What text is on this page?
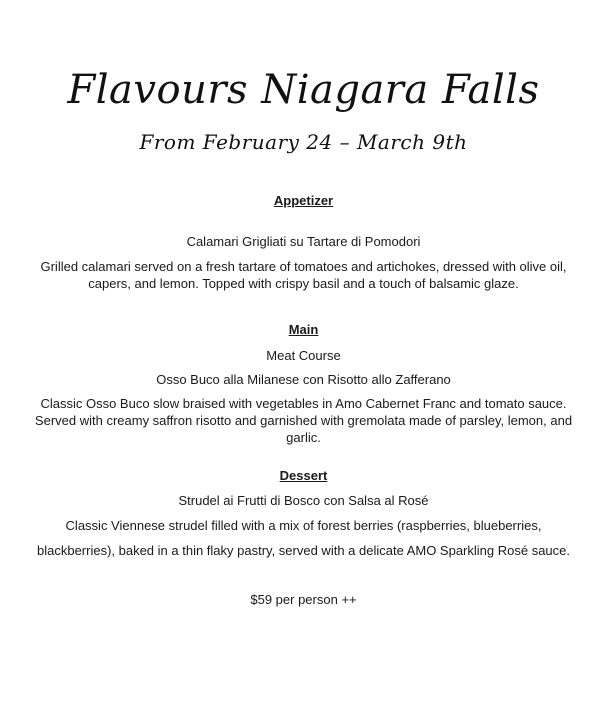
Flavours Niagara Falls
From February 24 – March 9th
Appetizer
Calamari Grigliati su Tartare di Pomodori
Grilled calamari served on a fresh tartare of tomatoes and artichokes, dressed with olive oil,
capers, and lemon. Topped with crispy basil and a touch of balsamic glaze.
Main
Meat Course
Osso Buco alla Milanese con Risotto allo Zafferano
Classic Osso Buco slow braised with vegetables in Amo Cabernet Franc and tomato sauce.
Served with creamy saffron risotto and garnished with gremolata made of parsley, lemon, and
garlic.
Dessert
Strudel ai Frutti di Bosco con Salsa al Rosé
Classic Viennese strudel filled with a mix of forest berries (raspberries, blueberries,
blackberries), baked in a thin flaky pastry, served with a delicate AMO Sparkling Rosé sauce.
$59 per person ++
